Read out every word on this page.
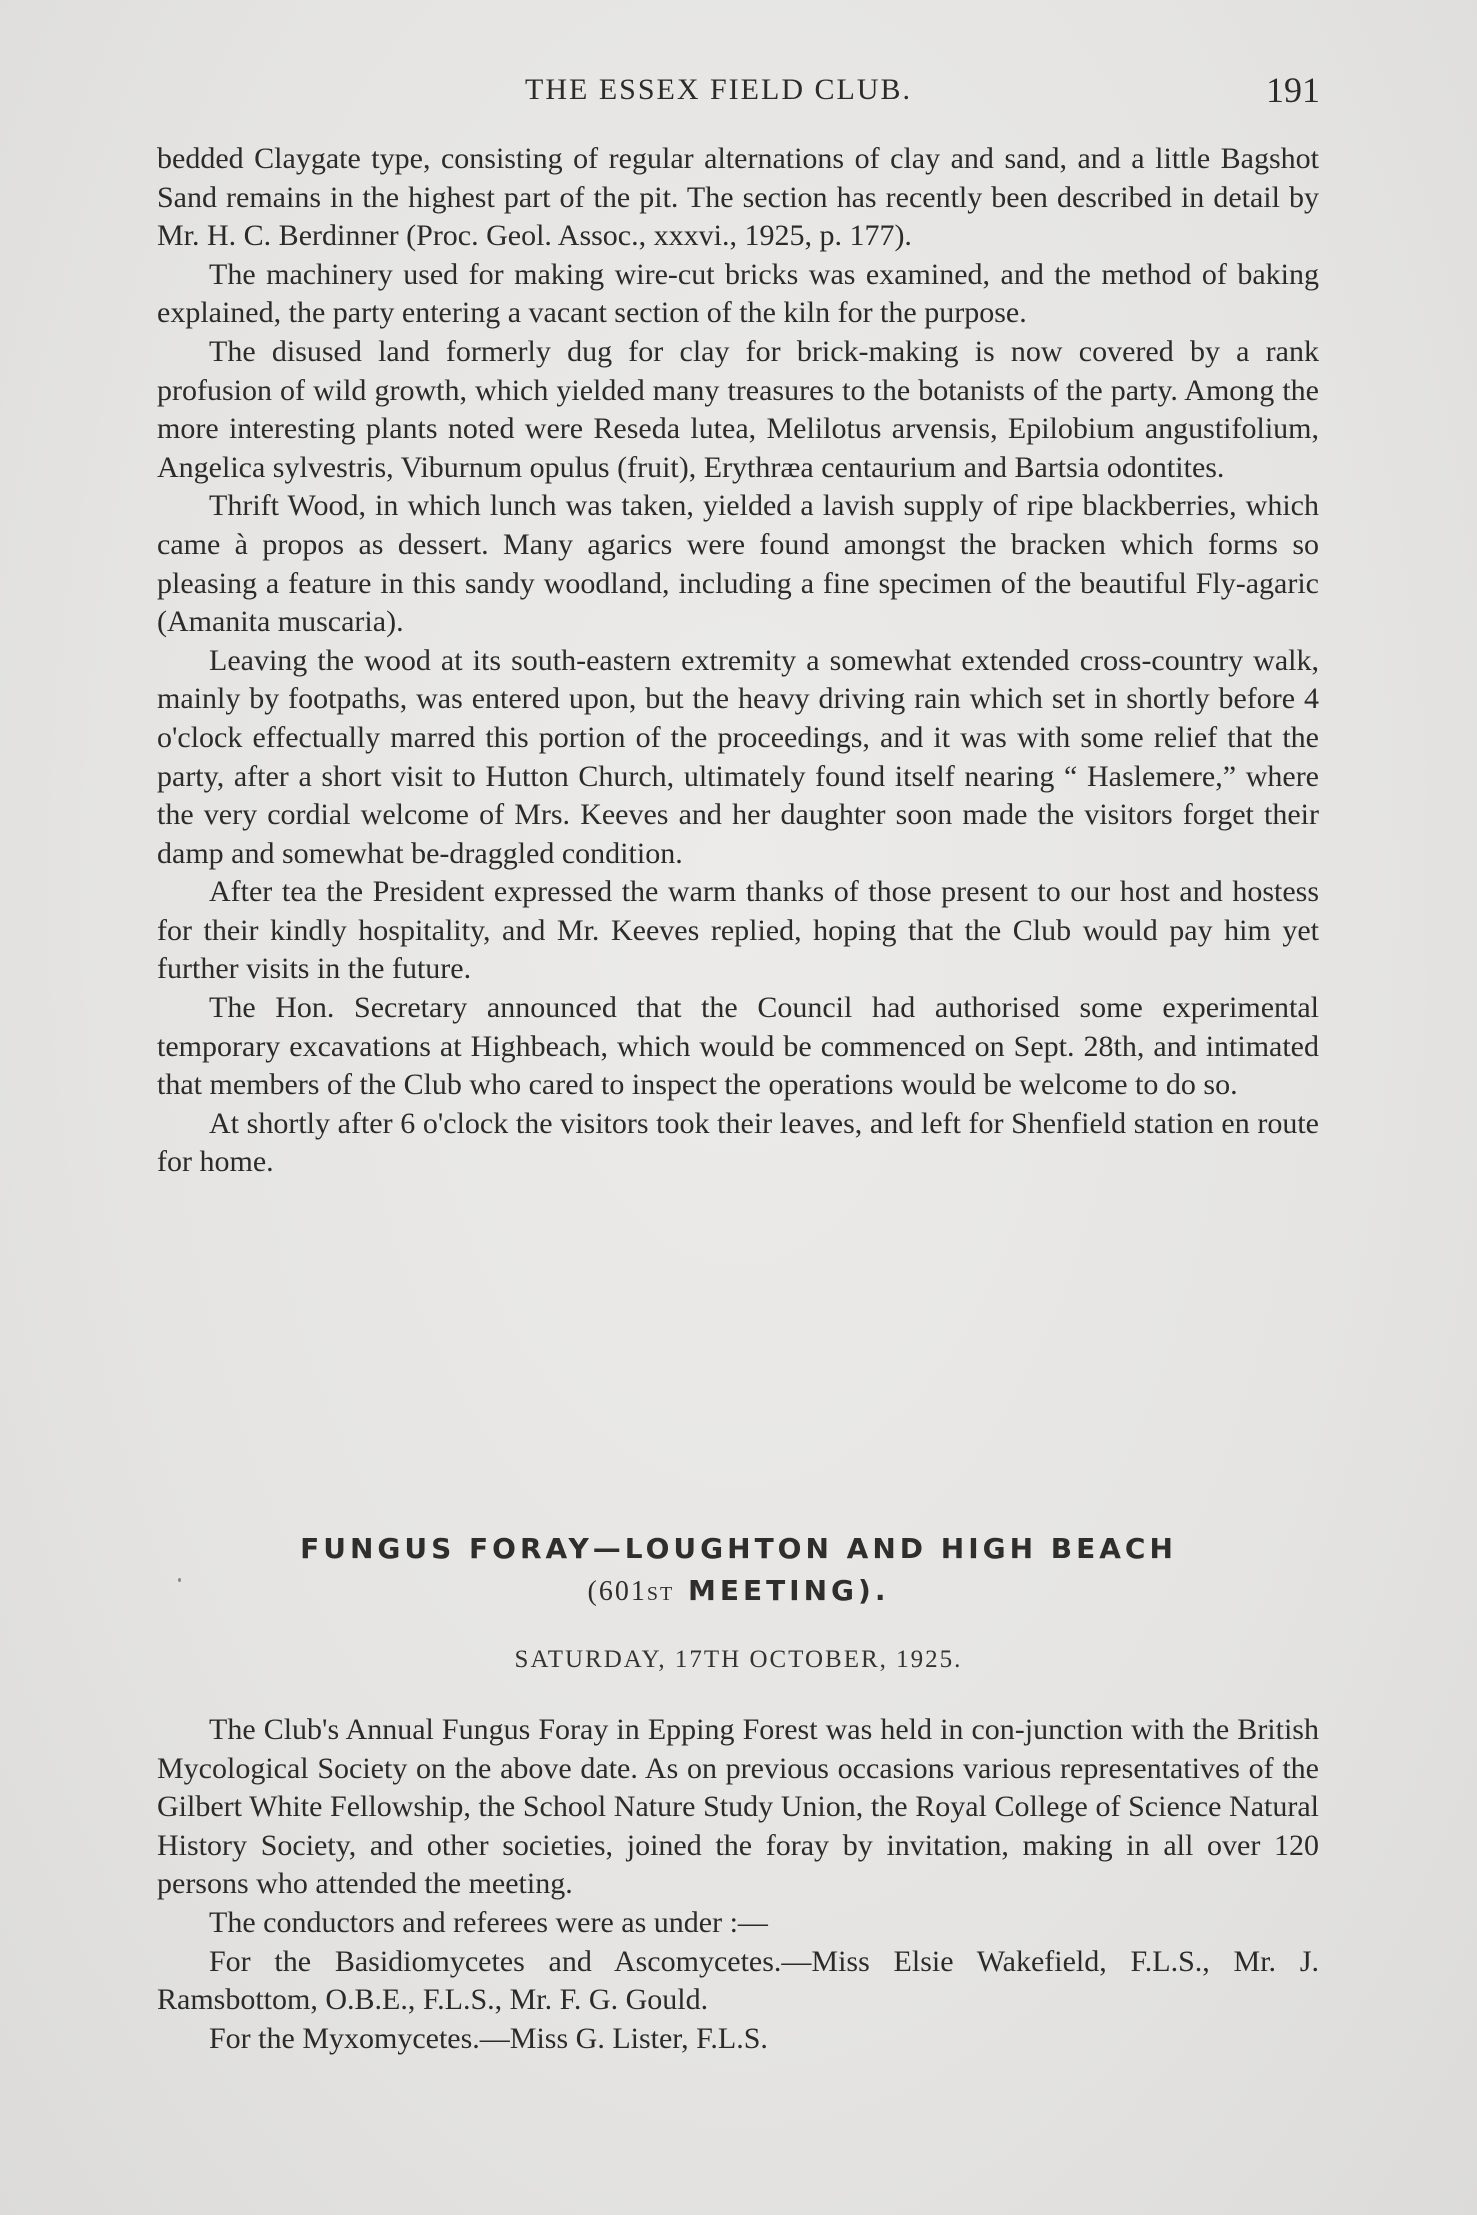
THE ESSEX FIELD CLUB.	191

bedded Claygate type, consisting of regular alternations of clay and sand, and a little Bagshot Sand remains in the highest part of the pit. The section has recently been described in detail by Mr. H. C. Berdinner (Proc. Geol. Assoc., xxxvi., 1925, p. 177).

The machinery used for making wire-cut bricks was examined, and the method of baking explained, the party entering a vacant section of the kiln for the purpose.

The disused land formerly dug for clay for brick-making is now covered by a rank profusion of wild growth, which yielded many treasures to the botanists of the party. Among the more interesting plants noted were Reseda lutea, Melilotus arvensis, Epilobium angustifolium, Angelica sylvestris, Viburnum opulus (fruit), Erythræa centaurium and Bartsia odontites.

Thrift Wood, in which lunch was taken, yielded a lavish supply of ripe blackberries, which came à propos as dessert. Many agarics were found amongst the bracken which forms so pleasing a feature in this sandy woodland, including a fine specimen of the beautiful Fly-agaric (Amanita muscaria).

Leaving the wood at its south-eastern extremity a somewhat extended cross-country walk, mainly by footpaths, was entered upon, but the heavy driving rain which set in shortly before 4 o'clock effectually marred this portion of the proceedings, and it was with some relief that the party, after a short visit to Hutton Church, ultimately found itself nearing “ Haslemere,” where the very cordial welcome of Mrs. Keeves and her daughter soon made the visitors forget their damp and somewhat be-draggled condition.

After tea the President expressed the warm thanks of those present to our host and hostess for their kindly hospitality, and Mr. Keeves replied, hoping that the Club would pay him yet further visits in the future.

The Hon. Secretary announced that the Council had authorised some experimental temporary excavations at Highbeach, which would be commenced on Sept. 28th, and intimated that members of the Club who cared to inspect the operations would be welcome to do so.

At shortly after 6 o'clock the visitors took their leaves, and left for Shenfield station en route for home.

FUNGUS FORAY—LOUGHTON AND HIGH BEACH
(601st MEETING).
SATURDAY, 17TH OCTOBER, 1925.

The Club's Annual Fungus Foray in Epping Forest was held in con-junction with the British Mycological Society on the above date. As on previous occasions various representatives of the Gilbert White Fellowship, the School Nature Study Union, the Royal College of Science Natural History Society, and other societies, joined the foray by invitation, making in all over 120 persons who attended the meeting.

The conductors and referees were as under :—

For the Basidiomycetes and Ascomycetes.—Miss Elsie Wakefield, F.L.S., Mr. J. Ramsbottom, O.B.E., F.L.S., Mr. F. G. Gould.

For the Myxomycetes.—Miss G. Lister, F.L.S.
